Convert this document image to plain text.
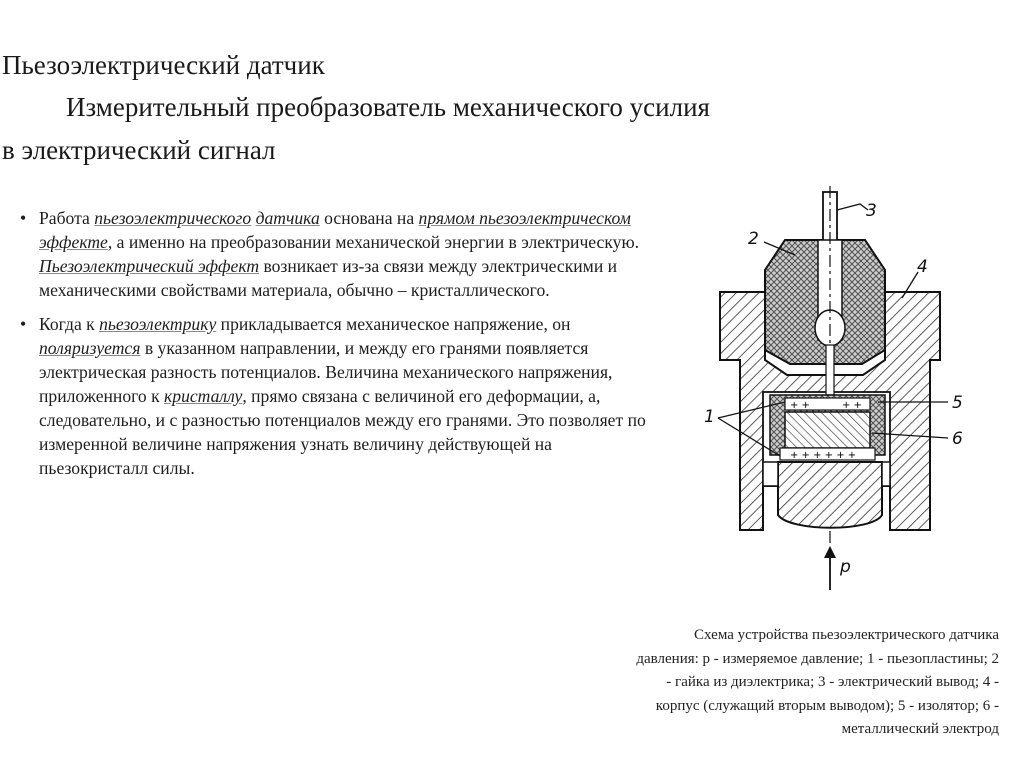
Пьезоэлектрический датчик
Измерительный преобразователь механического усилия
в электрический сигнал
• Работа пьезоэлектрического датчика основана на прямом пьезоэлектрическом эффекте, а именно на преобразовании механической энергии в электрическую. Пьезоэлектрический эффект возникает из-за связи между электрическими и механическими свойствами материала, обычно – кристаллического.
• Когда к пьезоэлектрику прикладывается механическое напряжение, он поляризуется в указанном направлении, и между его гранями появляется электрическая разность потенциалов. Величина механического напряжения, приложенного к кристаллу, прямо связана с величиной его деформации, а, следовательно, и с разностью потенциалов между его гранями. Это позволяет по измеренной величине напряжения узнать величину действующей на пьезокристалл силы.
+ +	+ +
+ + + + + +
3
2
4
5
6
1
p
Схема устройства пьезоэлектрического датчика
давления: р - измеряемое давление; 1 - пьезопластины; 2
- гайка из диэлектрика; 3 - электрический вывод; 4 -
корпус (служащий вторым выводом); 5 - изолятор; 6 -
металлический электрод
